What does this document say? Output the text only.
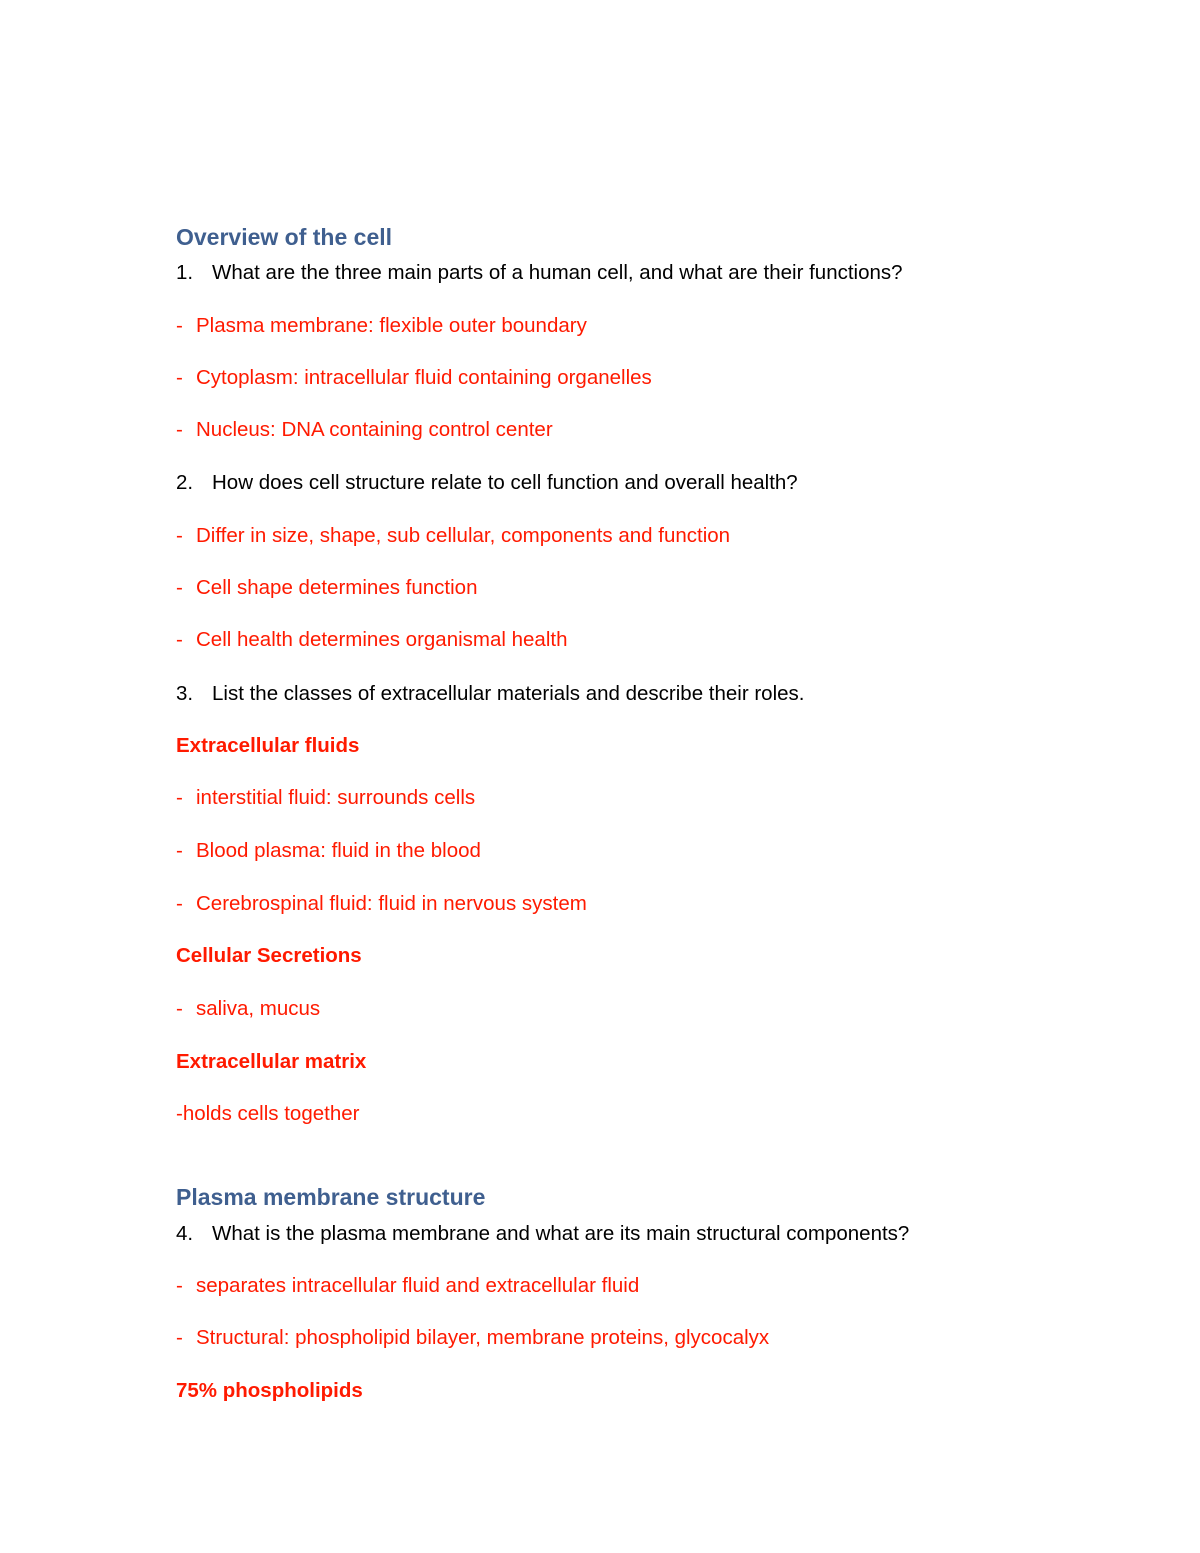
Overview of the cell
1. What are the three main parts of a human cell, and what are their functions?
- Plasma membrane: flexible outer boundary
- Cytoplasm: intracellular fluid containing organelles
- Nucleus: DNA containing control center
2. How does cell structure relate to cell function and overall health?
- Differ in size, shape, sub cellular, components and function
- Cell shape determines function
- Cell health determines organismal health
3. List the classes of extracellular materials and describe their roles.
Extracellular fluids
- interstitial fluid: surrounds cells
- Blood plasma: fluid in the blood
- Cerebrospinal fluid: fluid in nervous system
Cellular Secretions
- saliva, mucus
Extracellular matrix
-holds cells together
Plasma membrane structure
4. What is the plasma membrane and what are its main structural components?
- separates intracellular fluid and extracellular fluid
- Structural: phospholipid bilayer, membrane proteins, glycocalyx
75% phospholipids
